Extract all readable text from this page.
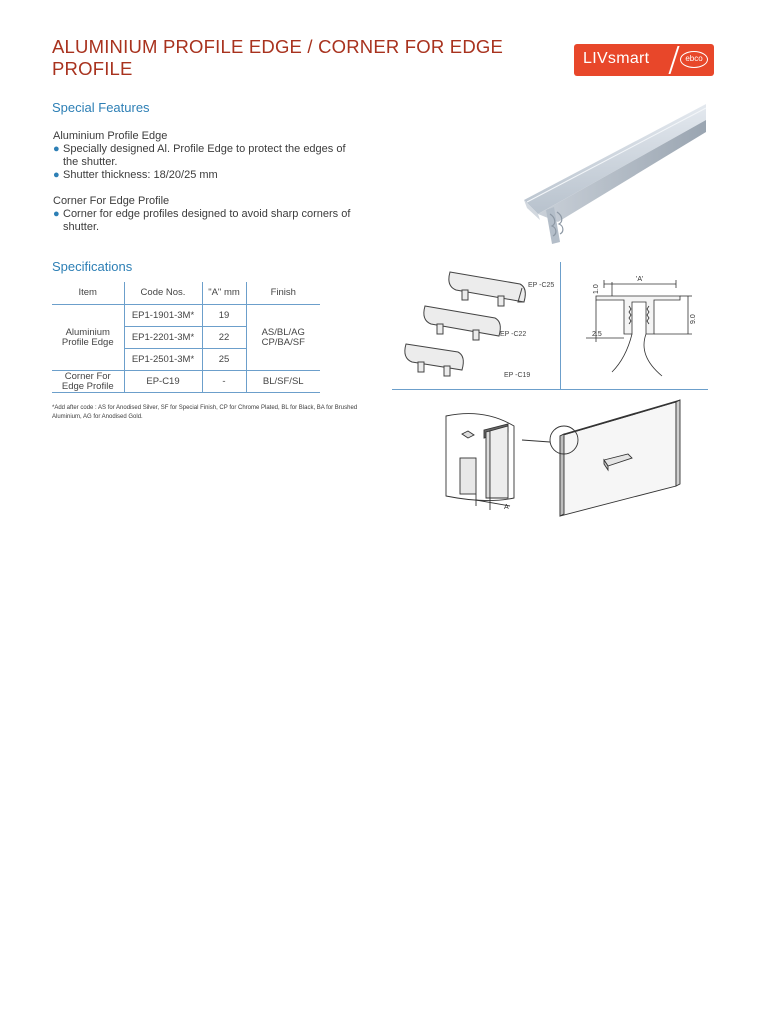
ALUMINIUM PROFILE EDGE / CORNER FOR EDGE PROFILE	LIVsmart	ebco
Special Features

Aluminium Profile Edge

● Specially designed Al. Profile Edge to protect the edges of the shutter.

● Shutter thickness: 18/20/25 mm

Corner For Edge Profile

● Corner for edge profiles designed to avoid sharp corners of shutter.

Specifications
Item	Code Nos.	"A" mm	Finish
Aluminium Profile Edge	EP1-1901-3M*	19	AS/BL/AG CP/BA/SF
	EP1-2201-3M*	22	
	EP1-2501-3M*	25	
Corner For Edge Profile	EP-C19	-	BL/SF/SL

*Add after code : AS for Anodised Silver, SF for Special Finish, CP for Chrome Plated, BL for Black, BA for Brushed Aluminium, AG for Anodised Gold.

EP -C25
EP -C22
EP -C19
'A'
1.0
9.0
2.5
A
